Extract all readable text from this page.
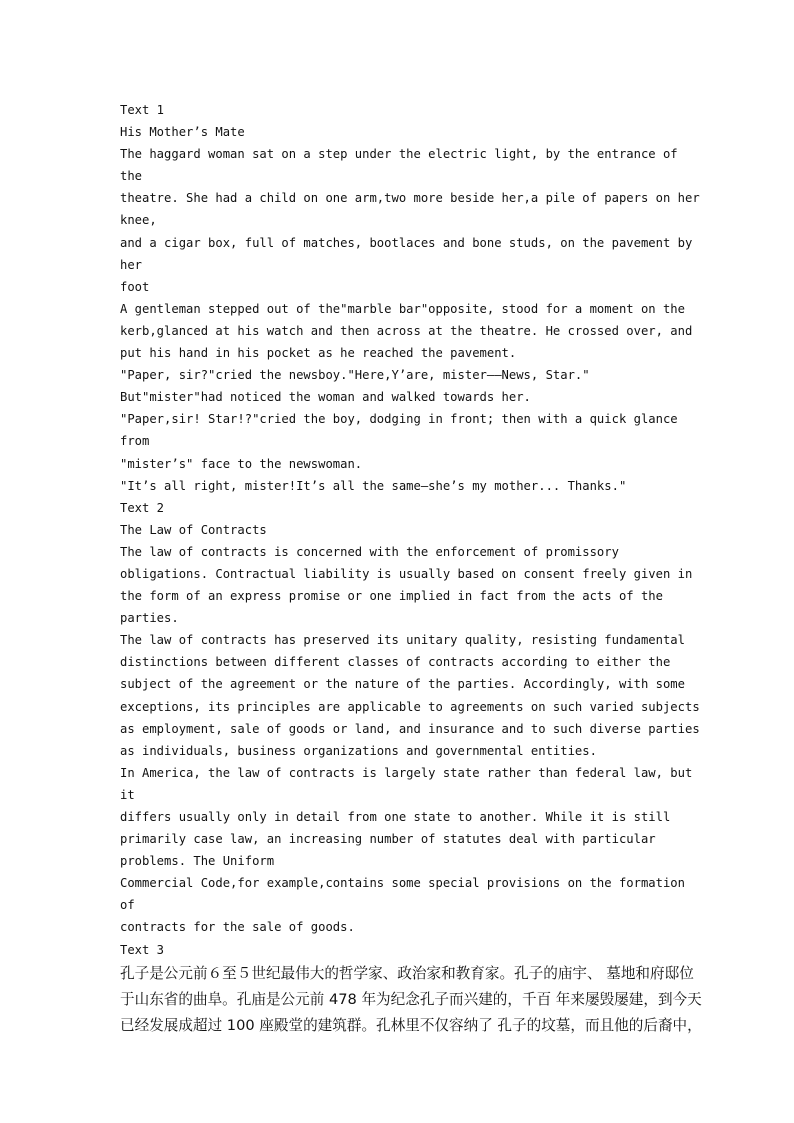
Text 1
His Mother’s Mate
The haggard woman sat on a step under the electric light, by the entrance of
the
theatre. She had a child on one arm,two more beside her,a pile of papers on her
knee,
and a cigar box, full of matches, bootlaces and bone studs, on the pavement by
her
foot
A gentleman stepped out of the"marble bar"opposite, stood for a moment on the
kerb,glanced at his watch and then across at the theatre. He crossed over, and
put his hand in his pocket as he reached the pavement.
"Paper, sir?"cried the newsboy."Here,Y’are, mister——News, Star."
But"mister"had noticed the woman and walked towards her.
"Paper,sir! Star!?"cried the boy, dodging in front; then with a quick glance
from
"mister’s" face to the newswoman.
"It’s all right, mister!It’s all the same—she’s my mother... Thanks."
Text 2
The Law of Contracts
The law of contracts is concerned with the enforcement of promissory
obligations. Contractual liability is usually based on consent freely given in
the form of an express promise or one implied in fact from the acts of the
parties.
The law of contracts has preserved its unitary quality, resisting fundamental
distinctions between different classes of contracts according to either the
subject of the agreement or the nature of the parties. Accordingly, with some
exceptions, its principles are applicable to agreements on such varied subjects
as employment, sale of goods or land, and insurance and to such diverse parties
as individuals, business organizations and governmental entities.
In America, the law of contracts is largely state rather than federal law, but
it
differs usually only in detail from one state to another. While it is still
primarily case law, an increasing number of statutes deal with particular
problems. The Uniform
Commercial Code,for example,contains some special provisions on the formation
of
contracts for the sale of goods.
Text 3
孔子是公元前６至５世纪最伟大的哲学家、政治家和教育家。孔子的庙宇、 墓地和府邸位
于山东省的曲阜。孔庙是公元前 478 年为纪念孔子而兴建的，千百 年来屡毁屡建，到今天
已经发展成超过 100 座殿堂的建筑群。孔林里不仅容纳了 孔子的坟墓，而且他的后裔中，
